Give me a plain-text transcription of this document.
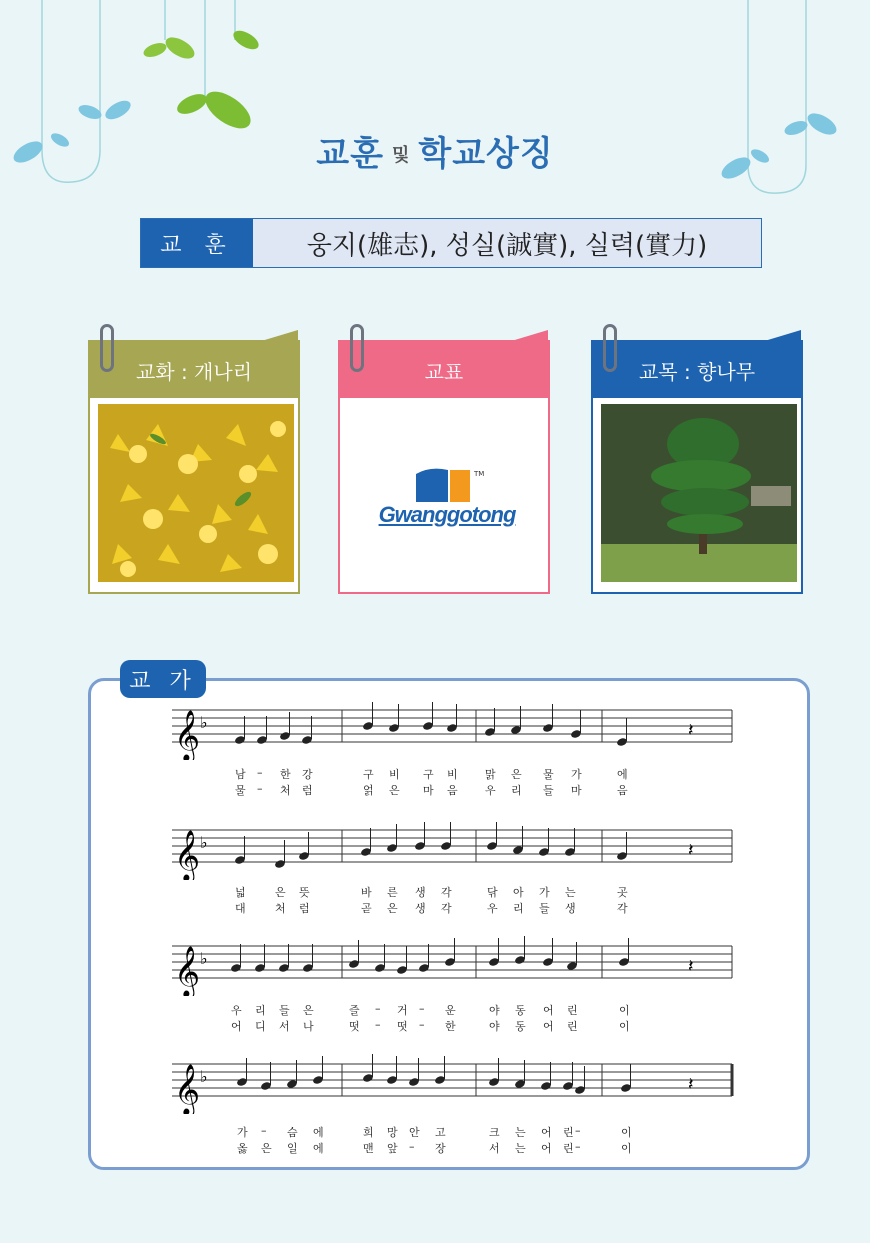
교훈 및 학교상징
교 훈	웅지(雄志), 성실(誠實), 실력(實力)
교화 : 개나리	교표
TM
Gwanggotong
교목 : 향나무
교 가
𝄞 ♭	𝄽
남 – 한 강	구 비 구 비 맑 은 물 가	에
물 – 처 럼	얽 은 마 음 우 리 들 마	음
𝄞 ♭	𝄽
넓	은 뜻	바 른 생 각	닦 아 가 는	곳
대	처 럼	곧 은 생 각	우 리 들 생	각
𝄞 ♭	𝄽
우 리 들 은	즐 – 거 – 운	야 동 어 린	이
어 디 서 나	떳 – 떳 – 한	야 동 어 린	이
𝄞 ♭	𝄽
가 – 슴 에	희 망 안 고	크 는 어 린 –	이
옳 은 일 에	맨 앞 – 장	서 는 어 린 –	이
